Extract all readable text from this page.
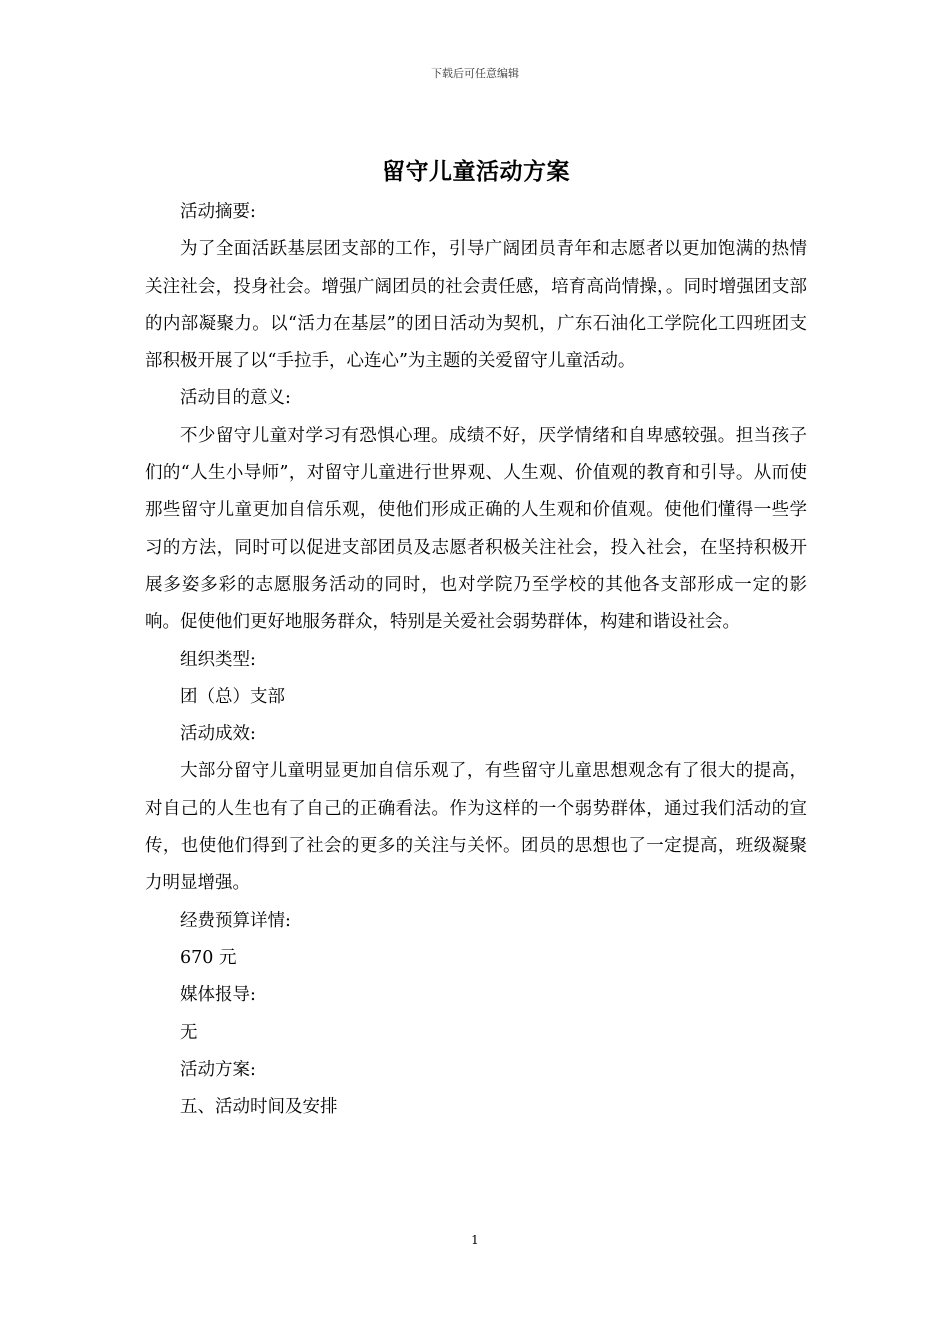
下载后可任意编辑
留守儿童活动方案

活动摘要:

为了全面活跃基层团支部的工作，引导广阔团员青年和志愿者以更加饱满的热情关注社会，投身社会。增强广阔团员的社会责任感，培育高尚情操，。同时增强团支部的内部凝聚力。以“活力在基层”的团日活动为契机，广东石油化工学院化工四班团支部积极开展了以“手拉手，心连心”为主题的关爱留守儿童活动。

活动目的意义:

不少留守儿童对学习有恐惧心理。成绩不好，厌学情绪和自卑感较强。担当孩子们的“人生小导师”，对留守儿童进行世界观、人生观、价值观的教育和引导。从而使那些留守儿童更加自信乐观，使他们形成正确的人生观和价值观。使他们懂得一些学习的方法，同时可以促进支部团员及志愿者积极关注社会，投入社会，在坚持积极开展多姿多彩的志愿服务活动的同时，也对学院乃至学校的其他各支部形成一定的影响。促使他们更好地服务群众，特别是关爱社会弱势群体，构建和谐设社会。

组织类型:

团（总）支部

活动成效:

大部分留守儿童明显更加自信乐观了，有些留守儿童思想观念有了很大的提高，对自己的人生也有了自己的正确看法。作为这样的一个弱势群体，通过我们活动的宣传，也使他们得到了社会的更多的关注与关怀。团员的思想也了一定提高，班级凝聚力明显增强。

经费预算详情:

670 元

媒体报导:

无

活动方案:

五、活动时间及安排

1
